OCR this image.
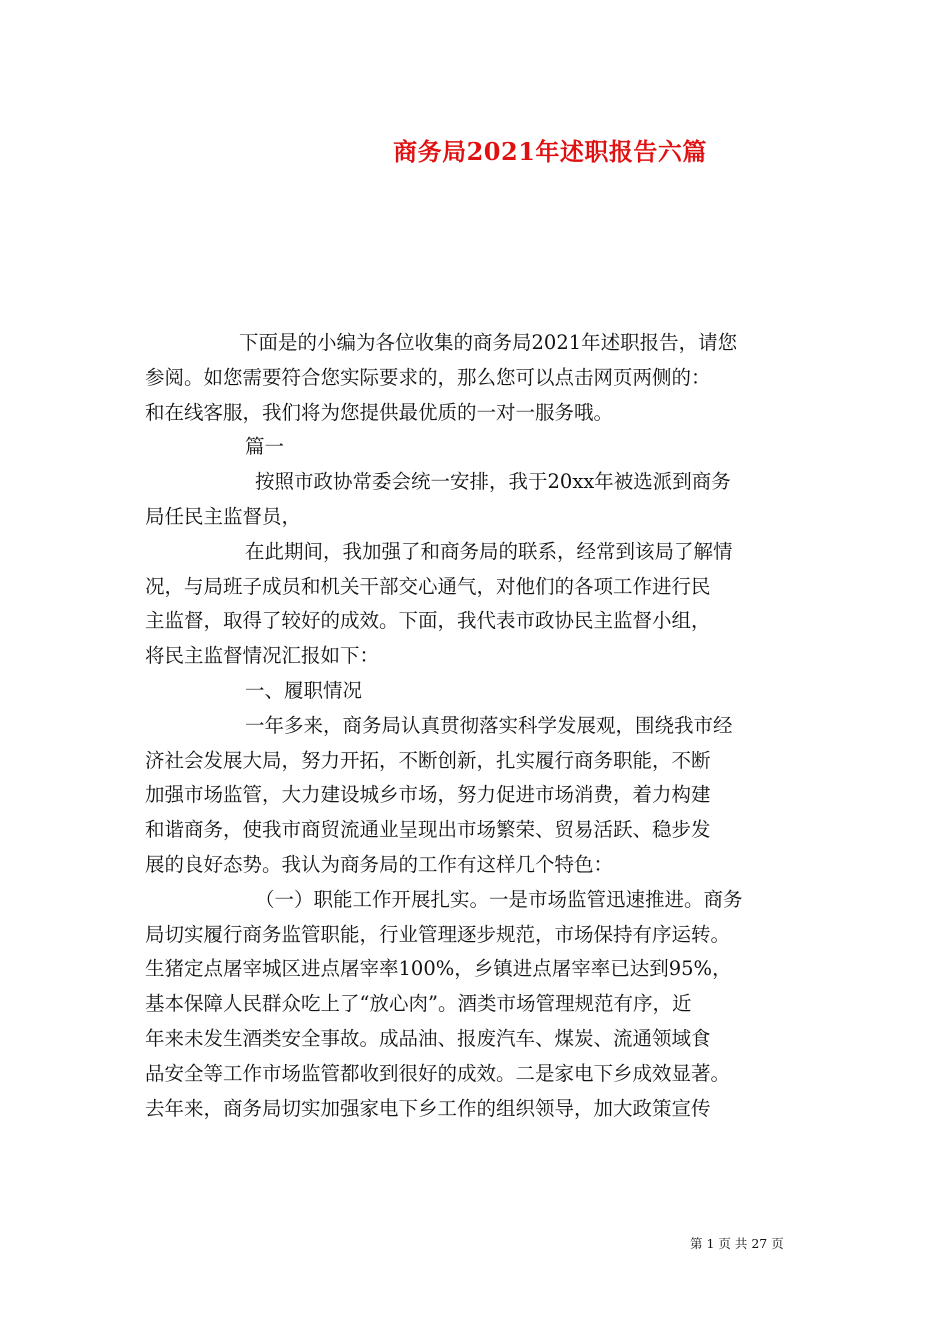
商务局2021年述职报告六篇
下面是的小编为各位收集的商务局2021年述职报告，请您
参阅。如您需要符合您实际要求的，那么您可以点击网页两侧的：
和在线客服，我们将为您提供最优质的一对一服务哦。
篇一
按照市政协常委会统一安排，我于20xx年被选派到商务
局任民主监督员，
在此期间，我加强了和商务局的联系，经常到该局了解情
况，与局班子成员和机关干部交心通气，对他们的各项工作进行民
主监督，取得了较好的成效。下面，我代表市政协民主监督小组，
将民主监督情况汇报如下：
一、履职情况
一年多来，商务局认真贯彻落实科学发展观，围绕我市经
济社会发展大局，努力开拓，不断创新，扎实履行商务职能，不断
加强市场监管，大力建设城乡市场，努力促进市场消费，着力构建
和谐商务，使我市商贸流通业呈现出市场繁荣、贸易活跃、稳步发
展的良好态势。我认为商务局的工作有这样几个特色：
（一）职能工作开展扎实。一是市场监管迅速推进。商务
局切实履行商务监管职能，行业管理逐步规范，市场保持有序运转。
生猪定点屠宰城区进点屠宰率100%，乡镇进点屠宰率已达到95%，
基本保障人民群众吃上了“放心肉”。酒类市场管理规范有序，近
年来未发生酒类安全事故。成品油、报废汽车、煤炭、流通领域食
品安全等工作市场监管都收到很好的成效。二是家电下乡成效显著。
去年来，商务局切实加强家电下乡工作的组织领导，加大政策宣传
第 1 页 共 27 页
